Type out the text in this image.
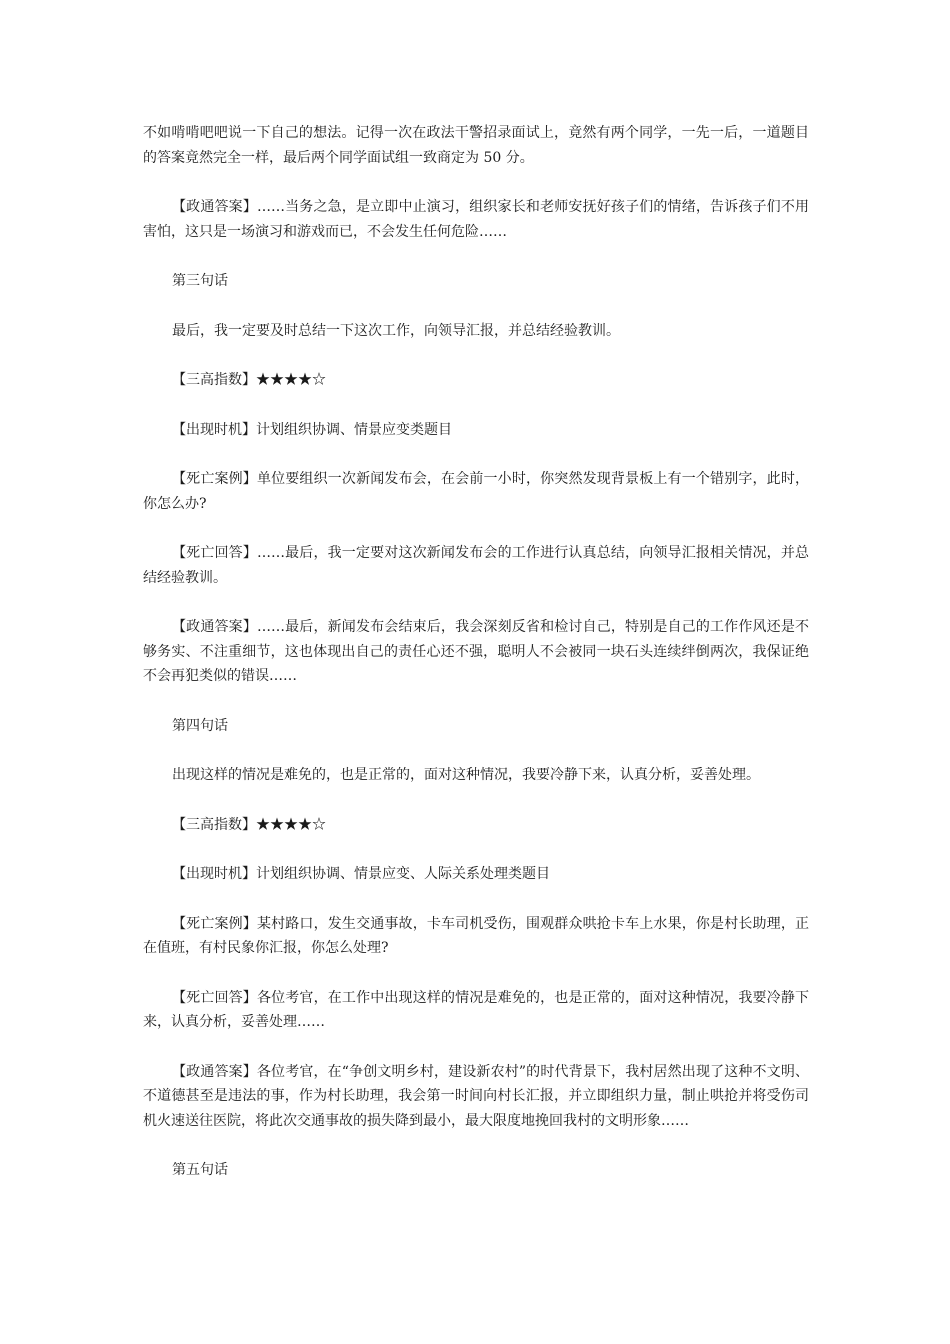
不如啃啃吧吧说一下自己的想法。记得一次在政法干警招录面试上，竟然有两个同学，一先一后，一道题目的答案竟然完全一样，最后两个同学面试组一致商定为 50 分。

【政通答案】……当务之急，是立即中止演习，组织家长和老师安抚好孩子们的情绪，告诉孩子们不用害怕，这只是一场演习和游戏而已，不会发生任何危险……

第三句话

最后，我一定要及时总结一下这次工作，向领导汇报，并总结经验教训。

【三高指数】★★★★☆

【出现时机】计划组织协调、情景应变类题目

【死亡案例】单位要组织一次新闻发布会，在会前一小时，你突然发现背景板上有一个错别字，此时，你怎么办?

【死亡回答】……最后，我一定要对这次新闻发布会的工作进行认真总结，向领导汇报相关情况，并总结经验教训。

【政通答案】……最后，新闻发布会结束后，我会深刻反省和检讨自己，特别是自己的工作作风还是不够务实、不注重细节，这也体现出自己的责任心还不强，聪明人不会被同一块石头连续绊倒两次，我保证绝不会再犯类似的错误……

第四句话

出现这样的情况是难免的，也是正常的，面对这种情况，我要冷静下来，认真分析，妥善处理。

【三高指数】★★★★☆

【出现时机】计划组织协调、情景应变、人际关系处理类题目

【死亡案例】某村路口，发生交通事故，卡车司机受伤，围观群众哄抢卡车上水果，你是村长助理，正在值班，有村民象你汇报，你怎么处理?

【死亡回答】各位考官，在工作中出现这样的情况是难免的，也是正常的，面对这种情况，我要冷静下来，认真分析，妥善处理……

【政通答案】各位考官，在“争创文明乡村，建设新农村”的时代背景下，我村居然出现了这种不文明、不道德甚至是违法的事，作为村长助理，我会第一时间向村长汇报，并立即组织力量，制止哄抢并将受伤司机火速送往医院，将此次交通事故的损失降到最小，最大限度地挽回我村的文明形象……

第五句话
